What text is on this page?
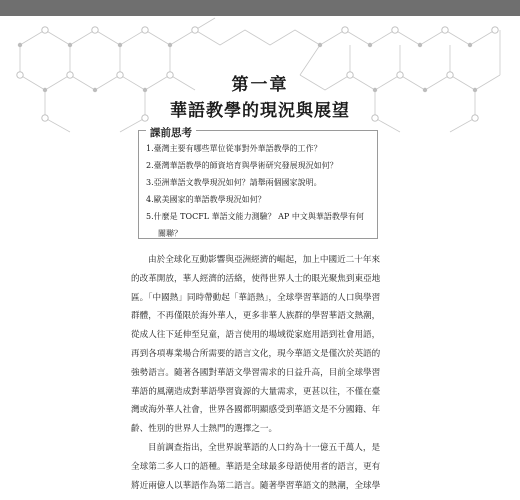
第一章
華語教學的現況與展望
課前思考
1.臺灣主要有哪些單位從事對外華語教學的工作？
2.臺灣華語教學的師資培育與學術研究發展現況如何？
3.亞洲華語文教學現況如何？請舉兩個國家說明。
4.歐美國家的華語教學現況如何？
5.什麼是 TOCFL 華語文能力測驗？ AP 中文與華語教學有何
關聯？
由於全球化互動影響與亞洲經濟的崛起，加上中國近二十年來
的改革開放，華人經濟的活絡，使得世界人士的眼光聚焦到東亞地
區。「中國熱」同時帶動起「華語熱」，全球學習華語的人口與學習
群體，不再僅限於海外華人，更多非華人族群的學習華語文熱潮，
從成人往下延伸至兒童，語言使用的場域從家庭用語到社會用語，
再到各項專業場合所需要的語言文化，現今華語文是僅次於英語的
強勢語言。隨著各國對華語文學習需求的日益升高，目前全球學習
華語的風潮造成對華語學習資源的大量需求，更甚以往，不僅在臺
灣或海外華人社會，世界各國都明顯感受到華語文是不分國籍、年
齡、性別的世界人士熱門的選擇之一。
目前調查指出，全世界說華語的人口約為十一億五千萬人，是
全球第二多人口的語種。華語是全球最多母語使用者的語言，更有
將近兩億人以華語作為第二語言。隨著學習華語文的熱潮，全球學
